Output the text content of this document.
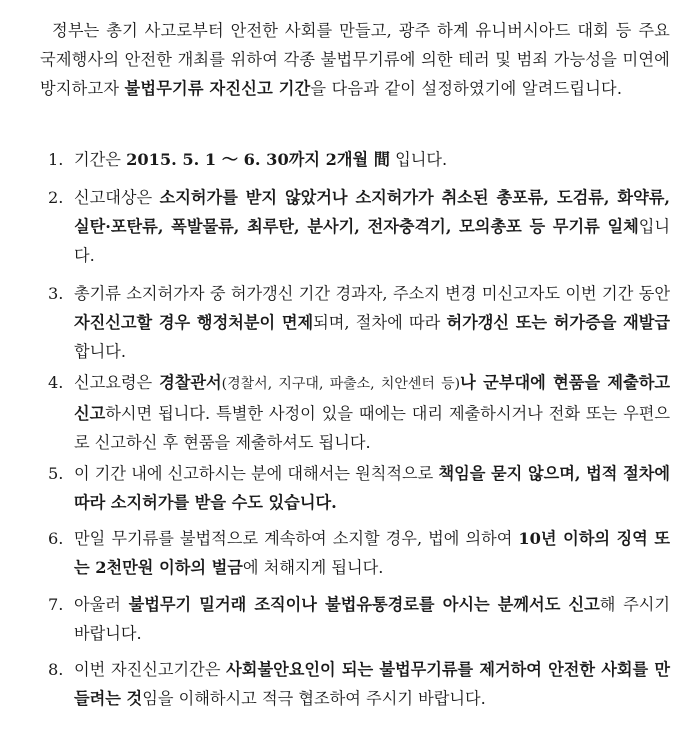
정부는 총기 사고로부터 안전한 사회를 만들고, 광주 하계 유니버시아드 대회 등 주요 국제행사의 안전한 개최를 위하여 각종 불법무기류에 의한 테러 및 범죄 가능성을 미연에 방지하고자 불법무기류 자진신고 기간을 다음과 같이 설정하였기에 알려드립니다.
1. 기간은 2015. 5. 1 ～ 6. 30까지 2개월 間 입니다.
2. 신고대상은 소지허가를 받지 않았거나 소지허가가 취소된 총포류, 도검류, 화약류, 실탄·포탄류, 폭발물류, 최루탄, 분사기, 전자충격기, 모의총포 등 무기류 일체입니다.
3. 총기류 소지허가자 중 허가갱신 기간 경과자, 주소지 변경 미신고자도 이번 기간 동안 자진신고할 경우 행정처분이 면제되며, 절차에 따라 허가갱신 또는 허가증을 재발급합니다.
4. 신고요령은 경찰관서(경찰서, 지구대, 파출소, 치안센터 등)나 군부대에 현품을 제출하고 신고하시면 됩니다. 특별한 사정이 있을 때에는 대리 제출하시거나 전화 또는 우편으로 신고하신 후 현품을 제출하셔도 됩니다.
5. 이 기간 내에 신고하시는 분에 대해서는 원칙적으로 책임을 묻지 않으며, 법적 절차에 따라 소지허가를 받을 수도 있습니다.
6. 만일 무기류를 불법적으로 계속하여 소지할 경우, 법에 의하여 10년 이하의 징역 또는 2천만원 이하의 벌금에 처해지게 됩니다.
7. 아울러 불법무기 밀거래 조직이나 불법유통경로를 아시는 분께서도 신고해 주시기 바랍니다.
8. 이번 자진신고기간은 사회불안요인이 되는 불법무기류를 제거하여 안전한 사회를 만들려는 것임을 이해하시고 적극 협조하여 주시기 바랍니다.
